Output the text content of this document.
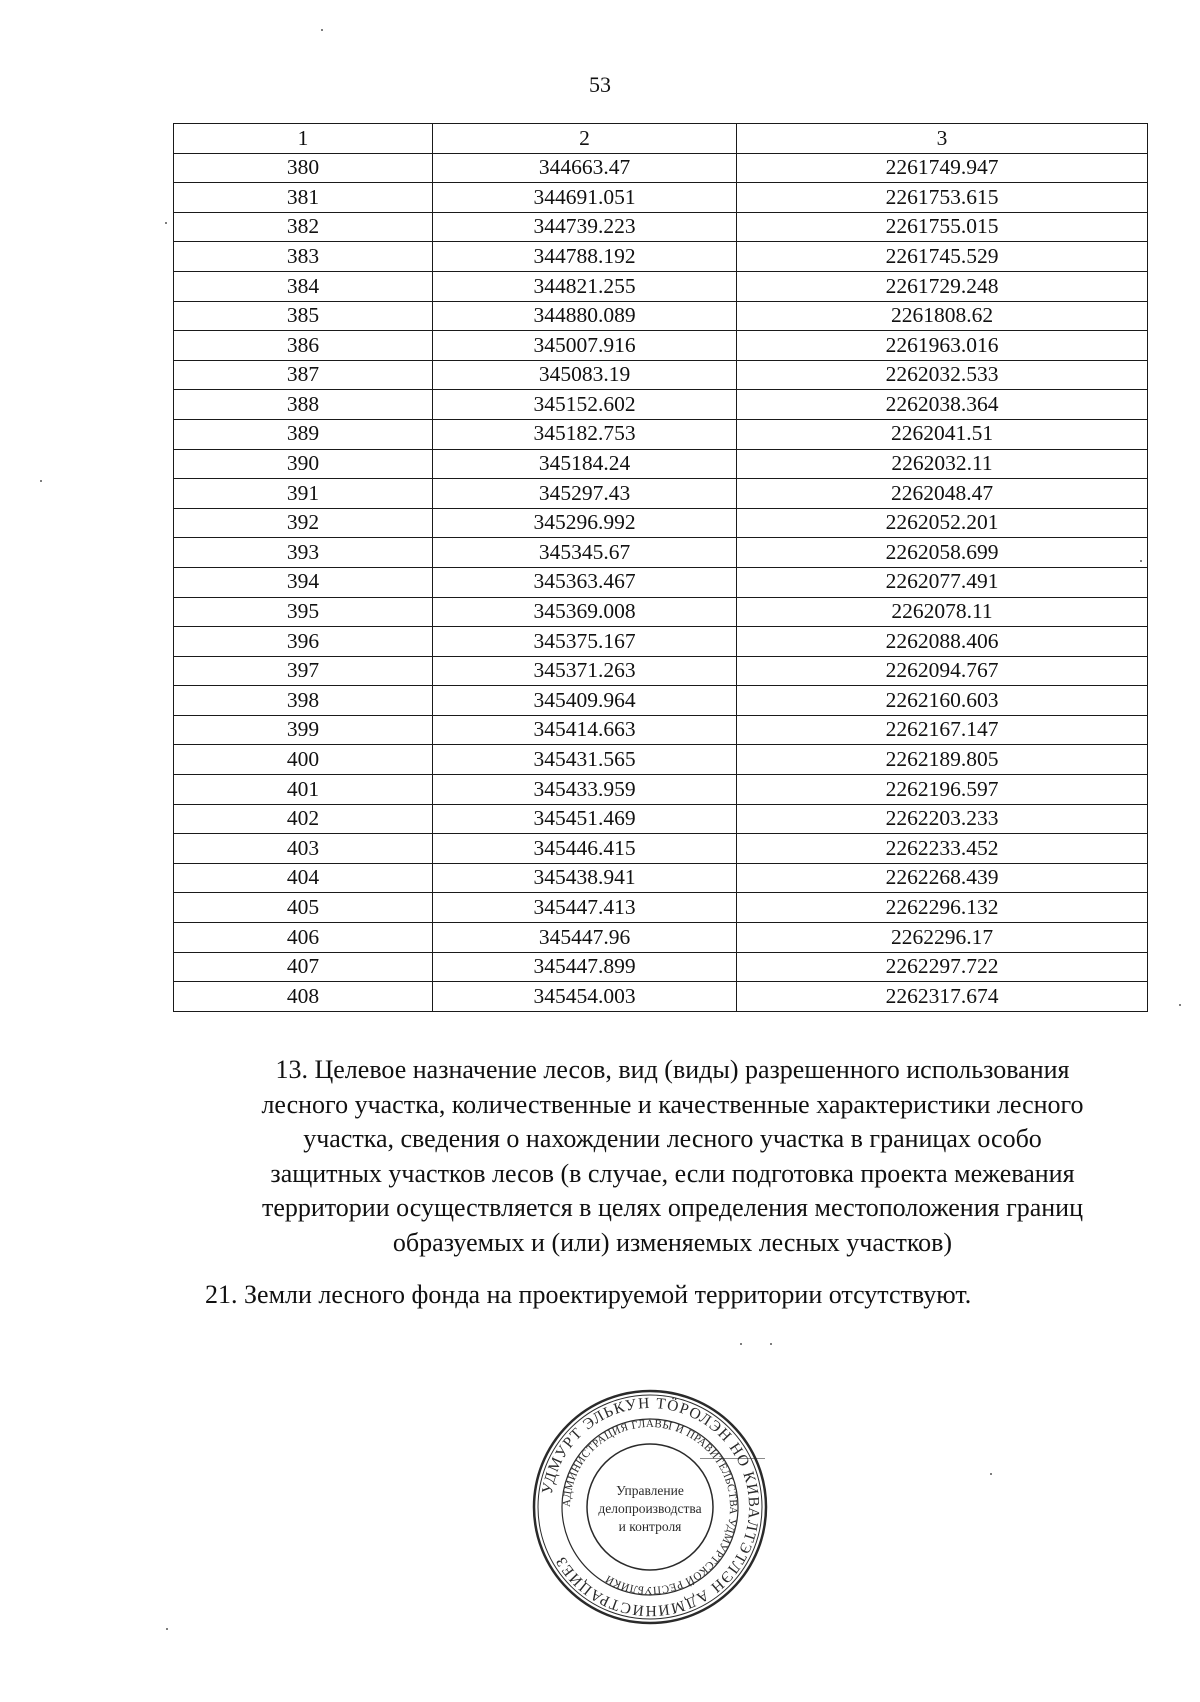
53
1	2	3
380	344663.47	2261749.947
381	344691.051	2261753.615
382	344739.223	2261755.015
383	344788.192	2261745.529
384	344821.255	2261729.248
385	344880.089	2261808.62
386	345007.916	2261963.016
387	345083.19	2262032.533
388	345152.602	2262038.364
389	345182.753	2262041.51
390	345184.24	2262032.11
391	345297.43	2262048.47
392	345296.992	2262052.201
393	345345.67	2262058.699
394	345363.467	2262077.491
395	345369.008	2262078.11
396	345375.167	2262088.406
397	345371.263	2262094.767
398	345409.964	2262160.603
399	345414.663	2262167.147
400	345431.565	2262189.805
401	345433.959	2262196.597
402	345451.469	2262203.233
403	345446.415	2262233.452
404	345438.941	2262268.439
405	345447.413	2262296.132
406	345447.96	2262296.17
407	345447.899	2262297.722
408	345454.003	2262317.674
13. Целевое назначение лесов, вид (виды) разрешенного использования
лесного участка, количественные и качественные характеристики лесного
участка, сведения о нахождении лесного участка в границах особо
защитных участков лесов (в случае, если подготовка проекта межевания
территории осуществляется в целях определения местоположения границ
образуемых и (или) изменяемых лесных участков)
21. Земли лесного фонда на проектируемой территории отсутствуют.
УДМУРТ ЭЛЬКУН ТӦРОЛЭН НО КИВАЛТЭТЛЭН АДМИНИСТРАЦИЕЗ
АДМИНИСТРАЦИЯ ГЛАВЫ И ПРАВИТЕЛЬСТВА УДМУРТСКОЙ РЕСПУБЛИКИ
Управление
делопроизводства
и контроля
